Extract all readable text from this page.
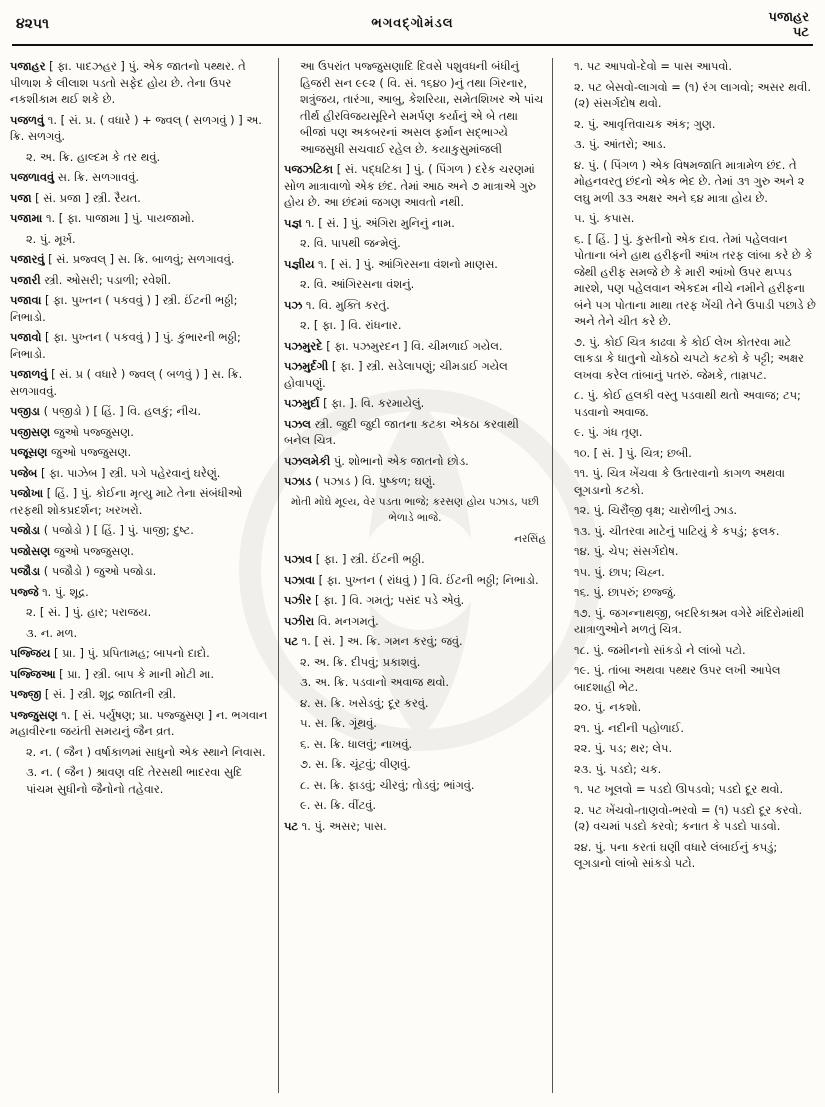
૪૨૫૧	ભગવદ્ગોમંડલ	પજાહર
પટ
પજાહર [ ફા. પાદઝહર ] પું. એક જાતનો પથ્થર. તે પીળાશ કે લીલાશ પડતો સફેદ હોય છે. તેના ઉપર નકશીકામ થઈ શકે છે.
પજળવું ૧. [ સં. પ્ર. ( વધારે ) + જ્વલ્ ( સળગવું ) ] અ. ક્રિ. સળગવું.
૨. અ. ક્રિ. હાલ્દમ કે તર થવું.
પજળાવવું સ. ક્રિ. સળગાવવું.
પજા [ સં. પ્રજા ] સ્ત્રી. રૈયત.
પજામા ૧. [ ફા. પાજામા ] પું. પાયજામો.
૨. પું. મૂર્ખ.
પજારવું [ સં. પ્રજ્વલ્ ] સ. ક્રિ. બાળવું; સળગાવવું.
પજારી સ્ત્રી. ઓસરી; પડાળી; રવેશી.
પજાવા [ ફા. પુખ્તન ( પકવવું ) ] સ્ત્રી. ઈંટની ભઠ્ઠી; નિભાડો.
પજાવો [ ફા. પુખ્તન ( પકવવું ) ] પું. કુંભારની ભઠ્ઠી; નિભાડો.
પજાળવું [ સં. પ્ર ( વધારે ) જ્વલ્ ( બળવું ) ] સ. ક્રિ. સળગાવવું.
પજીડા ( પજીડો ) [ હિં. ] વિ. હલકું; નીચ.
પજીસણ જુઓ પજ્જુસણ.
પજૂસણ જુઓ પજ્જુસણ.
પજેબ [ ફા. પાઝેબ ] સ્ત્રી. પગે પહેરવાનું ઘરેણું.
પજોખા [ હિં. ] પું. કોઈના મૃત્યુ માટે તેના સંબંધીઓ તરફથી શોકપ્રદર્શન; ખરખરો.
પજોડા ( પજોડો ) [ હિં. ] પું. પાજી; દુષ્ટ.
પજોસણ જુઓ પજ્જુસણ.
પજૌડા ( પજૌડો ) જુઓ પજોડા.
પજ્જે ૧. પું. શૂદ્ર.
૨. [ સં. ] પું. હાર; પરાજય.
૩. ન. મળ.
પજ્જિય [ પ્રા. ] પું. પ્રપિતામહ; બાપનો દાદો.
પજ્જિઆ [ પ્રા. ] સ્ત્રી. બાપ કે માની મોટી મા.
પજ્જી [ સં. ] સ્ત્રી. શૂદ્ર જાતિની સ્ત્રી.
પજ્જુસણ ૧. [ સં. પર્યુષણ; પ્રા. પજ્જુસણ ] ન. ભગવાન મહાવીરના જયંતી સમયનું જૈન વ્રત.
૨. ન. ( જૈન ) વર્ષાકાળમાં સાધુનો એક સ્થાને નિવાસ.
૩. ન. ( જૈન ) શ્રાવણ વદિ તેરસથી ભાદરવા સુદિ પાંચમ સુધીનો જૈનોનો તહેવાર.
આ ઉપરાંત પજ્જુસણાદિ દિવસે પશુવધની બંધીનું હિજરી સન ૯૯૨ ( વિ. સં. ૧૬૪૦ )નું તથા ગિરનાર, શત્રુંજય, તારંગા, આબુ, કેશરિયા, સમેતશિખર એ પાંચ તીર્થ હીરવિજયસૂરિને સમર્પણ કર્યાનું એ બે તથા બીજાં પણ અકબરનાં અસલ ફર્માન સદ્ભાગ્યે આજસુધી સચવાઈ રહેલ છે. કયાકુસુમાંજલી
પજઝટિકા [ સં. પદ્ધટિકા ] પું. ( પિંગળ ) દરેક ચરણમાં સોળ માત્રાવાળો એક છંદ. તેમાં આઠ અને ૭ માત્રાએ ગુરુ હોય છે. આ છંદમાં જગણ આવતો નથી.
પજ્ઞ ૧. [ સં. ] પું. અંગિરા મુનિનું નામ.
૨. વિ. પાપથી જન્મેલું.
પજ્ઞીય ૧. [ સં. ] પું. આંગિરસના વંશનો માણસ.
૨. વિ. આંગિરસના વંશનું.
પઝ ૧. વિ. મુક્તિ કરતું.
૨. [ ફા. ] વિ. રાંધનાર.
પઝમુરદે [ ફા. પઝમુરદન ] વિ. ચીમળાઈ ગયેલ.
પઝમુર્દગી [ ફા. ] સ્ત્રી. સડેલાપણું; ચીમડાઈ ગયેલ હોવાપણું.
પઝમુર્દા [ ફા. ]. વિ. કરમાયેલું.
પઝલ સ્ત્રી. જુદી જુદી જાતના કટકા એકઠા કરવાથી બનેલ ચિત્ર.
પઝલમેકી પું. શોભાનો એક જાતનો છોડ.
પઝાડ ( પઝાડ ) વિ. પુષ્કળ; ઘણું.
મોતી મોંઘે મૂલ્ય, વેર પડતા ભાજે; કરસણ હોય પઝાડ, પછી ભેળાડે ભાજે.
નરસિંહ
પઝાવ [ ફા. ] સ્ત્રી. ઈંટની ભઠ્ઠી.
પઝાવા [ ફા. પુખ્તન ( રાંધવું ) ] વિ. ઈંટની ભઠ્ઠી; નિભાડો.
પઝીર [ ફા. ] વિ. ગમતું; પસંદ પડે એવું.
પઝીરા વિ. મનગમતું.
પટ ૧. [ સં. ] અ. ક્રિ. ગમન કરવું; જવું.
૨. અ. ક્રિ. દીપવું; પ્રકાશવું.
૩. અ. ક્રિ. પડવાનો અવાજ થવો.
૪. સ. ક્રિ. ખસેડવું; દૂર કરવું.
૫. સ. ક્રિ. ગૂંથવું.
૬. સ. ક્રિ. ધાલવું; નાખવું.
૭. સ. ક્રિ. ચૂંટવું; વીણવું.
૮. સ. ક્રિ. ફાડવું; ચીરવું; તોડવું; ભાંગવું.
૯. સ. ક્રિ. વીંટવું.
પટ ૧. પું. અસર; પાસ.
૧. પટ આપવો-દેવો = પાસ આપવો.
૨. પટ બેસવો-લાગવો = (૧) રંગ લાગવો; અસર થવી. (૨) સંસર્ગદોષ થવો.
૨. પું. આવૃત્તિવાચક અંક; ગુણ.
૩. પું. આંતરો; આડ.
૪. પું. ( પિંગળ ) એક વિષમજાતિ માત્રામેળ છંદ. તે મોહનવરતુ છંદનો એક ભેદ છે. તેમાં ૩૧ ગુરુ અને ૨ લઘુ મળી ૩૩ અક્ષર અને ૬૪ માત્રા હોય છે.
૫. પું. કપાસ.
૬. [ હિં. ] પું. કુસ્તીનો એક દાવ. તેમાં પહેલવાન પોતાના બંને હાથ હરીફની આંખ તરફ લાંબા કરે છે કે જેથી હરીફ સમજે છે કે મારી આંખો ઉપર થપ્પડ મારશે, પણ પહેલવાન એકદમ નીચે નમીને હરીફના બંને પગ પોતાના માથા તરફ ખેંચી તેને ઉપાડી પછાડે છે અને તેને ચીત કરે છે.
૭. પું. કોઈ ચિત્ર કાઢવા કે કોઈ લેખ કોતરવા માટે લાકડા કે ધાતુનો ચોકઠો ચપટો કટકો કે પટ્ટી; અક્ષર લખવા કરેલ તાંબાનું પતરું. જેમકે, તામ્રપટ.
૮. પું. કોઈ હલકી વસ્તુ પડવાથી થતો અવાજ; ટપ; પડવાનો અવાજ.
૯. પું. ગંધ તૃણ.
૧૦. [ સં. ] પું. ચિત્ર; છબી.
૧૧. પું. ચિત્ર ખેંચવા કે ઉતારવાનો કાગળ અથવા લૂગડાનો કટકો.
૧૨. પું. ચિરૌંજી વૃક્ષ; ચારોળીનું ઝાડ.
૧૩. પું. ચીતરવા માટેનું પાટિયું કે કપડું; ફલક.
૧૪. પું. ચેપ; સંસર્ગદોષ.
૧૫. પું. છાપ; ચિહ્ન.
૧૬. પું. છાપરું; છજ્જું.
૧૭. પું. જગન્નાથજી, બદરિકાશ્રમ વગેરે મંદિરોમાંથી યાત્રાળુઓને મળતું ચિત્ર.
૧૮. પું. જમીનનો સાંકડો ને લાંબો પટો.
૧૯. પું. તાંબા અથવા પથ્થર ઉપર લખી આપેલ બાદશાહી ભેટ.
૨૦. પું. નકશો.
૨૧. પું. નદીની પહોળાઈ.
૨૨. પું. પડ; થર; લેપ.
૨૩. પું. પડદો; ચક.
૧. પટ ખૂલવો = પડદો ઊપડવો; પડદો દૂર થવો.
૨. પટ ખેંચવો-તાણવો-ભરવો = (૧) પડદો દૂર કરવો. (૨) વચમાં પડદો કરવો; કનાત કે પડદો પાડવો.
૨૪. પું. પના કરતાં ઘણી વધારે લંબાઈનું કપડું; લૂગડાનો લાંબો સાંકડો પટો.
